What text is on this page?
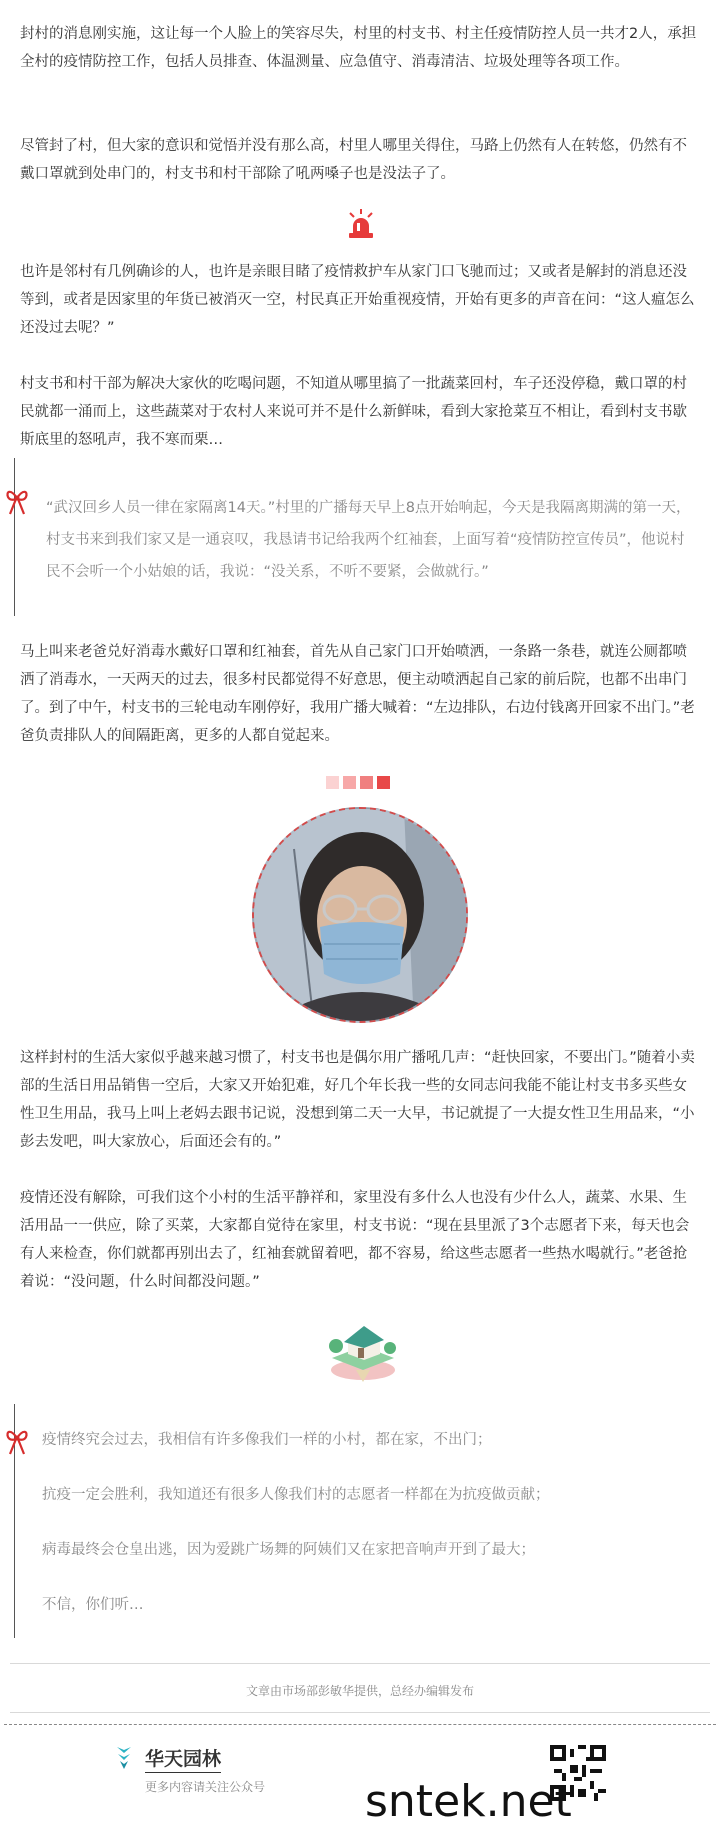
封村的消息刚实施，这让每一个人脸上的笑容尽失，村里的村支书、村主任疫情防控人员一共才2人，承担全村的疫情防控工作，包括人员排查、体温测量、应急值守、消毒清洁、垃圾处理等各项工作。

尽管封了村，但大家的意识和觉悟并没有那么高，村里人哪里关得住，马路上仍然有人在转悠，仍然有不戴口罩就到处串门的，村支书和村干部除了吼两嗓子也是没法子了。

也许是邻村有几例确诊的人，也许是亲眼目睹了疫情救护车从家门口飞驰而过；又或者是解封的消息还没等到，或者是因家里的年货已被消灭一空，村民真正开始重视疫情，开始有更多的声音在问：“这人瘟怎么还没过去呢？”

村支书和村干部为解决大家伙的吃喝问题，不知道从哪里搞了一批蔬菜回村，车子还没停稳，戴口罩的村民就都一涌而上，这些蔬菜对于农村人来说可并不是什么新鲜味，看到大家抢菜互不相让，看到村支书歇斯底里的怒吼声，我不寒而栗…

“武汉回乡人员一律在家隔离14天。”村里的广播每天早上8点开始响起，今天是我隔离期满的第一天，村支书来到我们家又是一通哀叹，我恳请书记给我两个红袖套，上面写着“疫情防控宣传员”，他说村民不会听一个小姑娘的话，我说：“没关系，不听不要紧，会做就行。”

马上叫来老爸兑好消毒水戴好口罩和红袖套，首先从自己家门口开始喷洒，一条路一条巷，就连公厕都喷洒了消毒水，一天两天的过去，很多村民都觉得不好意思，便主动喷洒起自己家的前后院，也都不出串门了。到了中午，村支书的三轮电动车刚停好，我用广播大喊着：“左边排队，右边付钱离开回家不出门。”老爸负责排队人的间隔距离，更多的人都自觉起来。

这样封村的生活大家似乎越来越习惯了，村支书也是偶尔用广播吼几声：“赶快回家，不要出门。”随着小卖部的生活日用品销售一空后，大家又开始犯难，好几个年长我一些的女同志问我能不能让村支书多买些女性卫生用品，我马上叫上老妈去跟书记说，没想到第二天一大早，书记就提了一大提女性卫生用品来，“小彭去发吧，叫大家放心，后面还会有的。”

疫情还没有解除，可我们这个小村的生活平静祥和，家里没有多什么人也没有少什么人，蔬菜、水果、生活用品一一供应，除了买菜，大家都自觉待在家里，村支书说：“现在县里派了3个志愿者下来，每天也会有人来检查，你们就都再别出去了，红袖套就留着吧，都不容易，给这些志愿者一些热水喝就行。”老爸抢着说：“没问题，什么时间都没问题。”

疫情终究会过去，我相信有许多像我们一样的小村，都在家，不出门；

抗疫一定会胜利，我知道还有很多人像我们村的志愿者一样都在为抗疫做贡献；

病毒最终会仓皇出逃，因为爱跳广场舞的阿姨们又在家把音响声开到了最大；

不信，你们听…

文章由市场部彭敏华提供，总经办编辑发布
华天园林
更多内容请关注公众号 sntek.net
